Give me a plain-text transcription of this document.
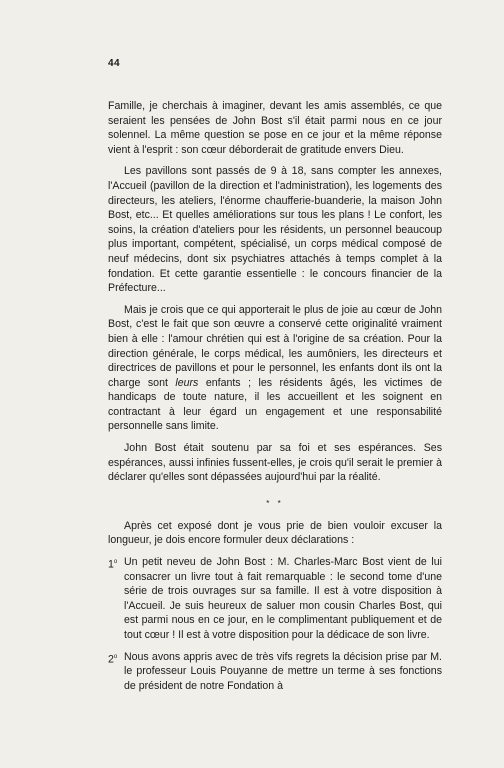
44

Famille, je cherchais à imaginer, devant les amis assemblés, ce que seraient les pensées de John Bost s'il était parmi nous en ce jour solennel. La même question se pose en ce jour et la même réponse vient à l'esprit : son cœur déborderait de gratitude envers Dieu.

Les pavillons sont passés de 9 à 18, sans compter les annexes, l'Accueil (pavillon de la direction et l'administration), les logements des directeurs, les ateliers, l'énorme chaufferie-buanderie, la maison John Bost, etc... Et quelles améliorations sur tous les plans ! Le confort, les soins, la création d'ateliers pour les résidents, un personnel beaucoup plus important, compétent, spécialisé, un corps médical composé de neuf médecins, dont six psychiatres attachés à temps complet à la fondation. Et cette garantie essentielle : le concours financier de la Préfecture...

Mais je crois que ce qui apporterait le plus de joie au cœur de John Bost, c'est le fait que son œuvre a conservé cette originalité vraiment bien à elle : l'amour chrétien qui est à l'origine de sa création. Pour la direction générale, le corps médical, les aumôniers, les directeurs et directrices de pavillons et pour le personnel, les enfants dont ils ont la charge sont leurs enfants ; les résidents âgés, les victimes de handicaps de toute nature, il les accueillent et les soignent en contractant à leur égard un engagement et une responsabilité personnelle sans limite.

John Bost était soutenu par sa foi et ses espérances. Ses espérances, aussi infinies fussent-elles, je crois qu'il serait le premier à déclarer qu'elles sont dépassées aujourd'hui par la réalité.

* *

Après cet exposé dont je vous prie de bien vouloir excuser la longueur, je dois encore formuler deux déclarations :

1$^o$ Un petit neveu de John Bost : M. Charles-Marc Bost vient de lui consacrer un livre tout à fait remarquable : le second tome d'une série de trois ouvrages sur sa famille. Il est à votre disposition à l'Accueil. Je suis heureux de saluer mon cousin Charles Bost, qui est parmi nous en ce jour, en le complimentant publiquement et de tout cœur ! Il est à votre disposition pour la dédicace de son livre.
2$^o$ Nous avons appris avec de très vifs regrets la décision prise par M. le professeur Louis Pouyanne de mettre un terme à ses fonctions de président de notre Fondation à
